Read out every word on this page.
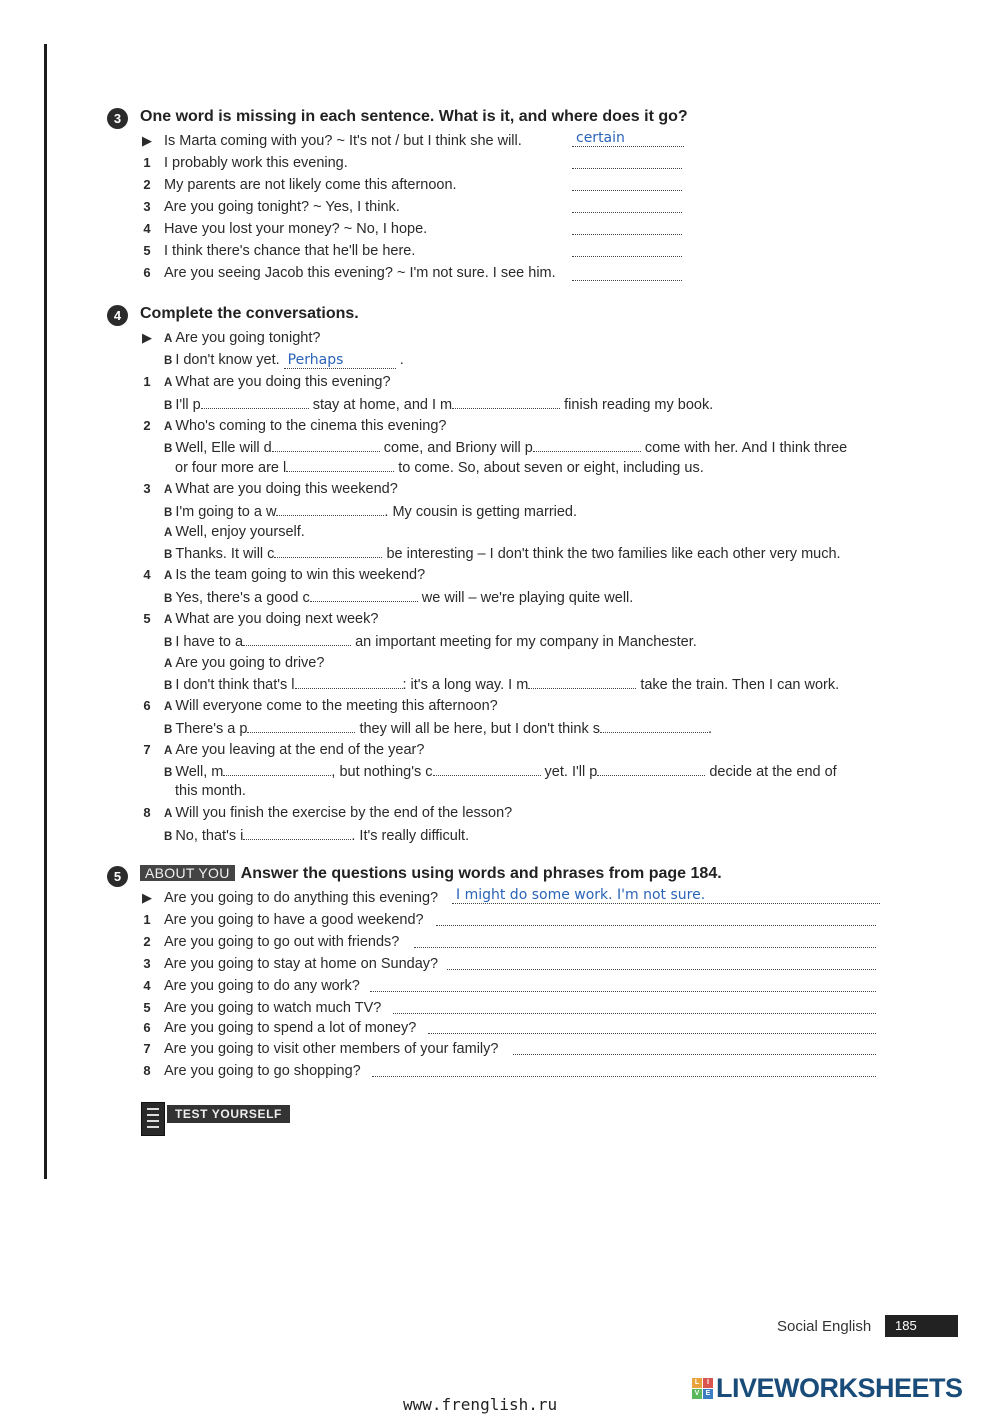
3	One word is missing in each sentence. What is it, and where does it go?
▶ Is Marta coming with you? ~ It's not / but I think she will.	certain
1 I probably work this evening.
2 My parents are not likely come this afternoon.
3 Are you going tonight? ~ Yes, I think.
4 Have you lost your money? ~ No, I hope.
5 I think there's chance that he'll be here.
6 Are you seeing Jacob this evening? ~ I'm not sure. I see him.
4	Complete the conversations.
▶ A Are you going tonight?
B I don't know yet. Perhaps	.
1 A What are you doing this evening?
B I'll p	stay at home, and I m	finish reading my book.
2 A Who's coming to the cinema this evening?
B Well, Elle will d	come, and Briony will p	come with her. And I think three
or four more are l	to come. So, about seven or eight, including us.
3 A What are you doing this weekend?
B I'm going to a w	. My cousin is getting married.
A Well, enjoy yourself.
B Thanks. It will c	be interesting – I don't think the two families like each other very much.
4 A Is the team going to win this weekend?
B Yes, there's a good c	we will – we're playing quite well.
5 A What are you doing next week?
B I have to a	an important meeting for my company in Manchester.
A Are you going to drive?
B I don't think that's l	: it's a long way. I m	take the train. Then I can work.
6 A Will everyone come to the meeting this afternoon?
B There's a p	they will all be here, but I don't think s	.
7 A Are you leaving at the end of the year?
B Well, m	, but nothing's c	yet. I'll p	decide at the end of
this month.
8 A Will you finish the exercise by the end of the lesson?
B No, that's i	. It's really difficult.
5	ABOUT YOU Answer the questions using words and phrases from page 184.
▶ Are you going to do anything this evening? I might do some work. I'm not sure.
1 Are you going to have a good weekend?
2 Are you going to go out with friends?
3 Are you going to stay at home on Sunday?
4 Are you going to do any work?
5 Are you going to watch much TV?
6 Are you going to spend a lot of money?
7 Are you going to visit other members of your family?
8 Are you going to go shopping?
TEST YOURSELF
Social English	185
www.frenglish.ru
L	I
V E LIVEWORKSHEETS
